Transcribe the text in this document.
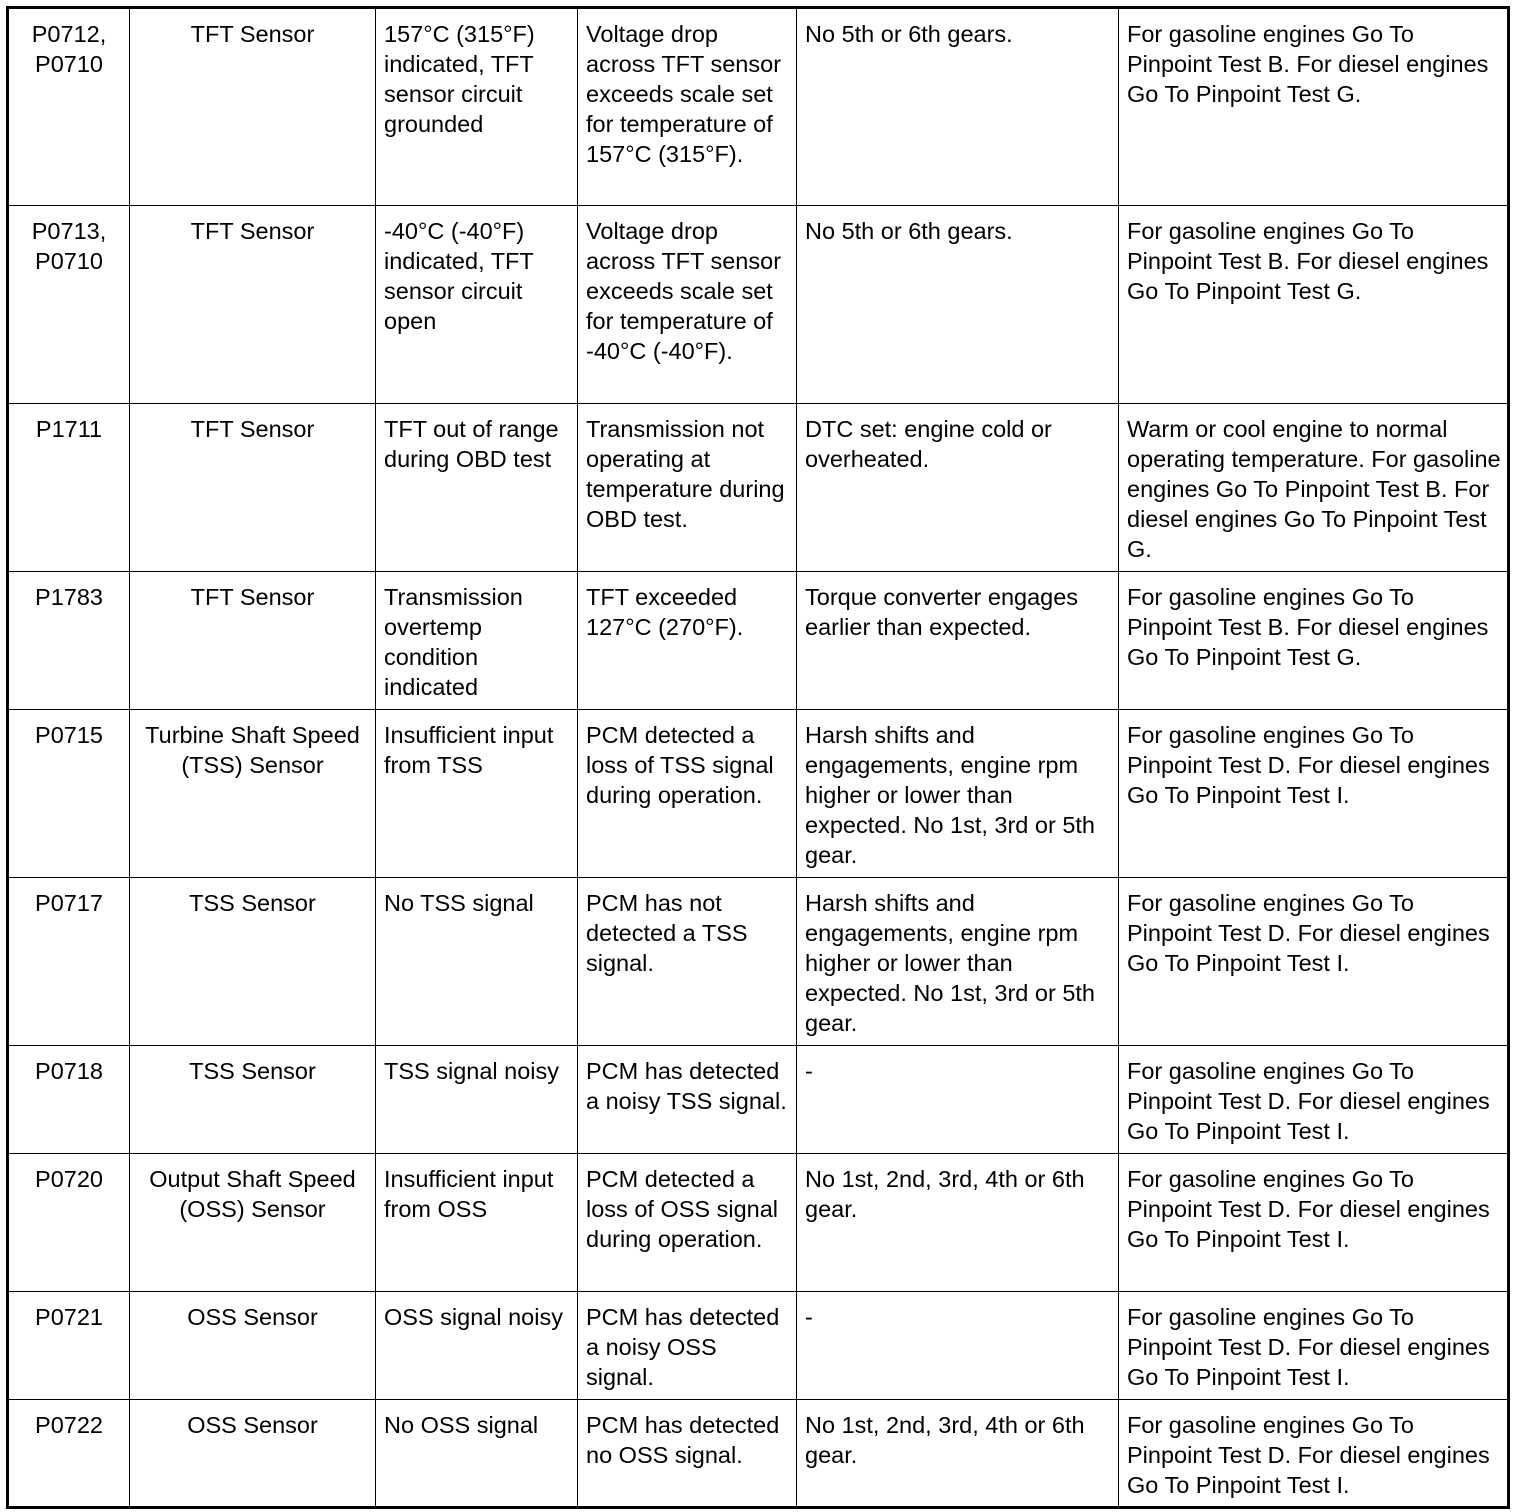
P0712, P0710	TFT Sensor	157°C (315°F) indicated, TFT sensor circuit grounded	Voltage drop across TFT sensor exceeds scale set for temperature of 157°C (315°F).	No 5th or 6th gears.	For gasoline engines Go To Pinpoint Test B. For diesel engines Go To Pinpoint Test G.

P0713, P0710	TFT Sensor	-40°C (-40°F) indicated, TFT sensor circuit open	Voltage drop across TFT sensor exceeds scale set for temperature of -40°C (-40°F).	No 5th or 6th gears.	For gasoline engines Go To Pinpoint Test B. For diesel engines Go To Pinpoint Test G.

P1711	TFT Sensor	TFT out of range during OBD test	Transmission not operating at temperature during OBD test.	DTC set: engine cold or overheated.	Warm or cool engine to normal operating temperature. For gasoline engines Go To Pinpoint Test B. For diesel engines Go To Pinpoint Test G.

P1783	TFT Sensor	Transmission overtemp condition indicated	TFT exceeded 127°C (270°F).	Torque converter engages earlier than expected.	For gasoline engines Go To Pinpoint Test B. For diesel engines Go To Pinpoint Test G.

P0715	Turbine Shaft Speed (TSS) Sensor	Insufficient input from TSS	PCM detected a loss of TSS signal during operation.	Harsh shifts and engagements, engine rpm higher or lower than expected. No 1st, 3rd or 5th gear.	For gasoline engines Go To Pinpoint Test D. For diesel engines Go To Pinpoint Test I.

P0717	TSS Sensor	No TSS signal	PCM has not detected a TSS signal.	Harsh shifts and engagements, engine rpm higher or lower than expected. No 1st, 3rd or 5th gear.	For gasoline engines Go To Pinpoint Test D. For diesel engines Go To Pinpoint Test I.

P0718	TSS Sensor	TSS signal noisy	PCM has detected a noisy TSS signal.	-	For gasoline engines Go To Pinpoint Test D. For diesel engines Go To Pinpoint Test I.

P0720	Output Shaft Speed (OSS) Sensor	Insufficient input from OSS	PCM detected a loss of OSS signal during operation.	No 1st, 2nd, 3rd, 4th or 6th gear.	For gasoline engines Go To Pinpoint Test D. For diesel engines Go To Pinpoint Test I.

P0721	OSS Sensor	OSS signal noisy	PCM has detected a noisy OSS signal.	-	For gasoline engines Go To Pinpoint Test D. For diesel engines Go To Pinpoint Test I.

P0722	OSS Sensor	No OSS signal	PCM has detected no OSS signal.	No 1st, 2nd, 3rd, 4th or 6th gear.	For gasoline engines Go To Pinpoint Test D. For diesel engines Go To Pinpoint Test I.
